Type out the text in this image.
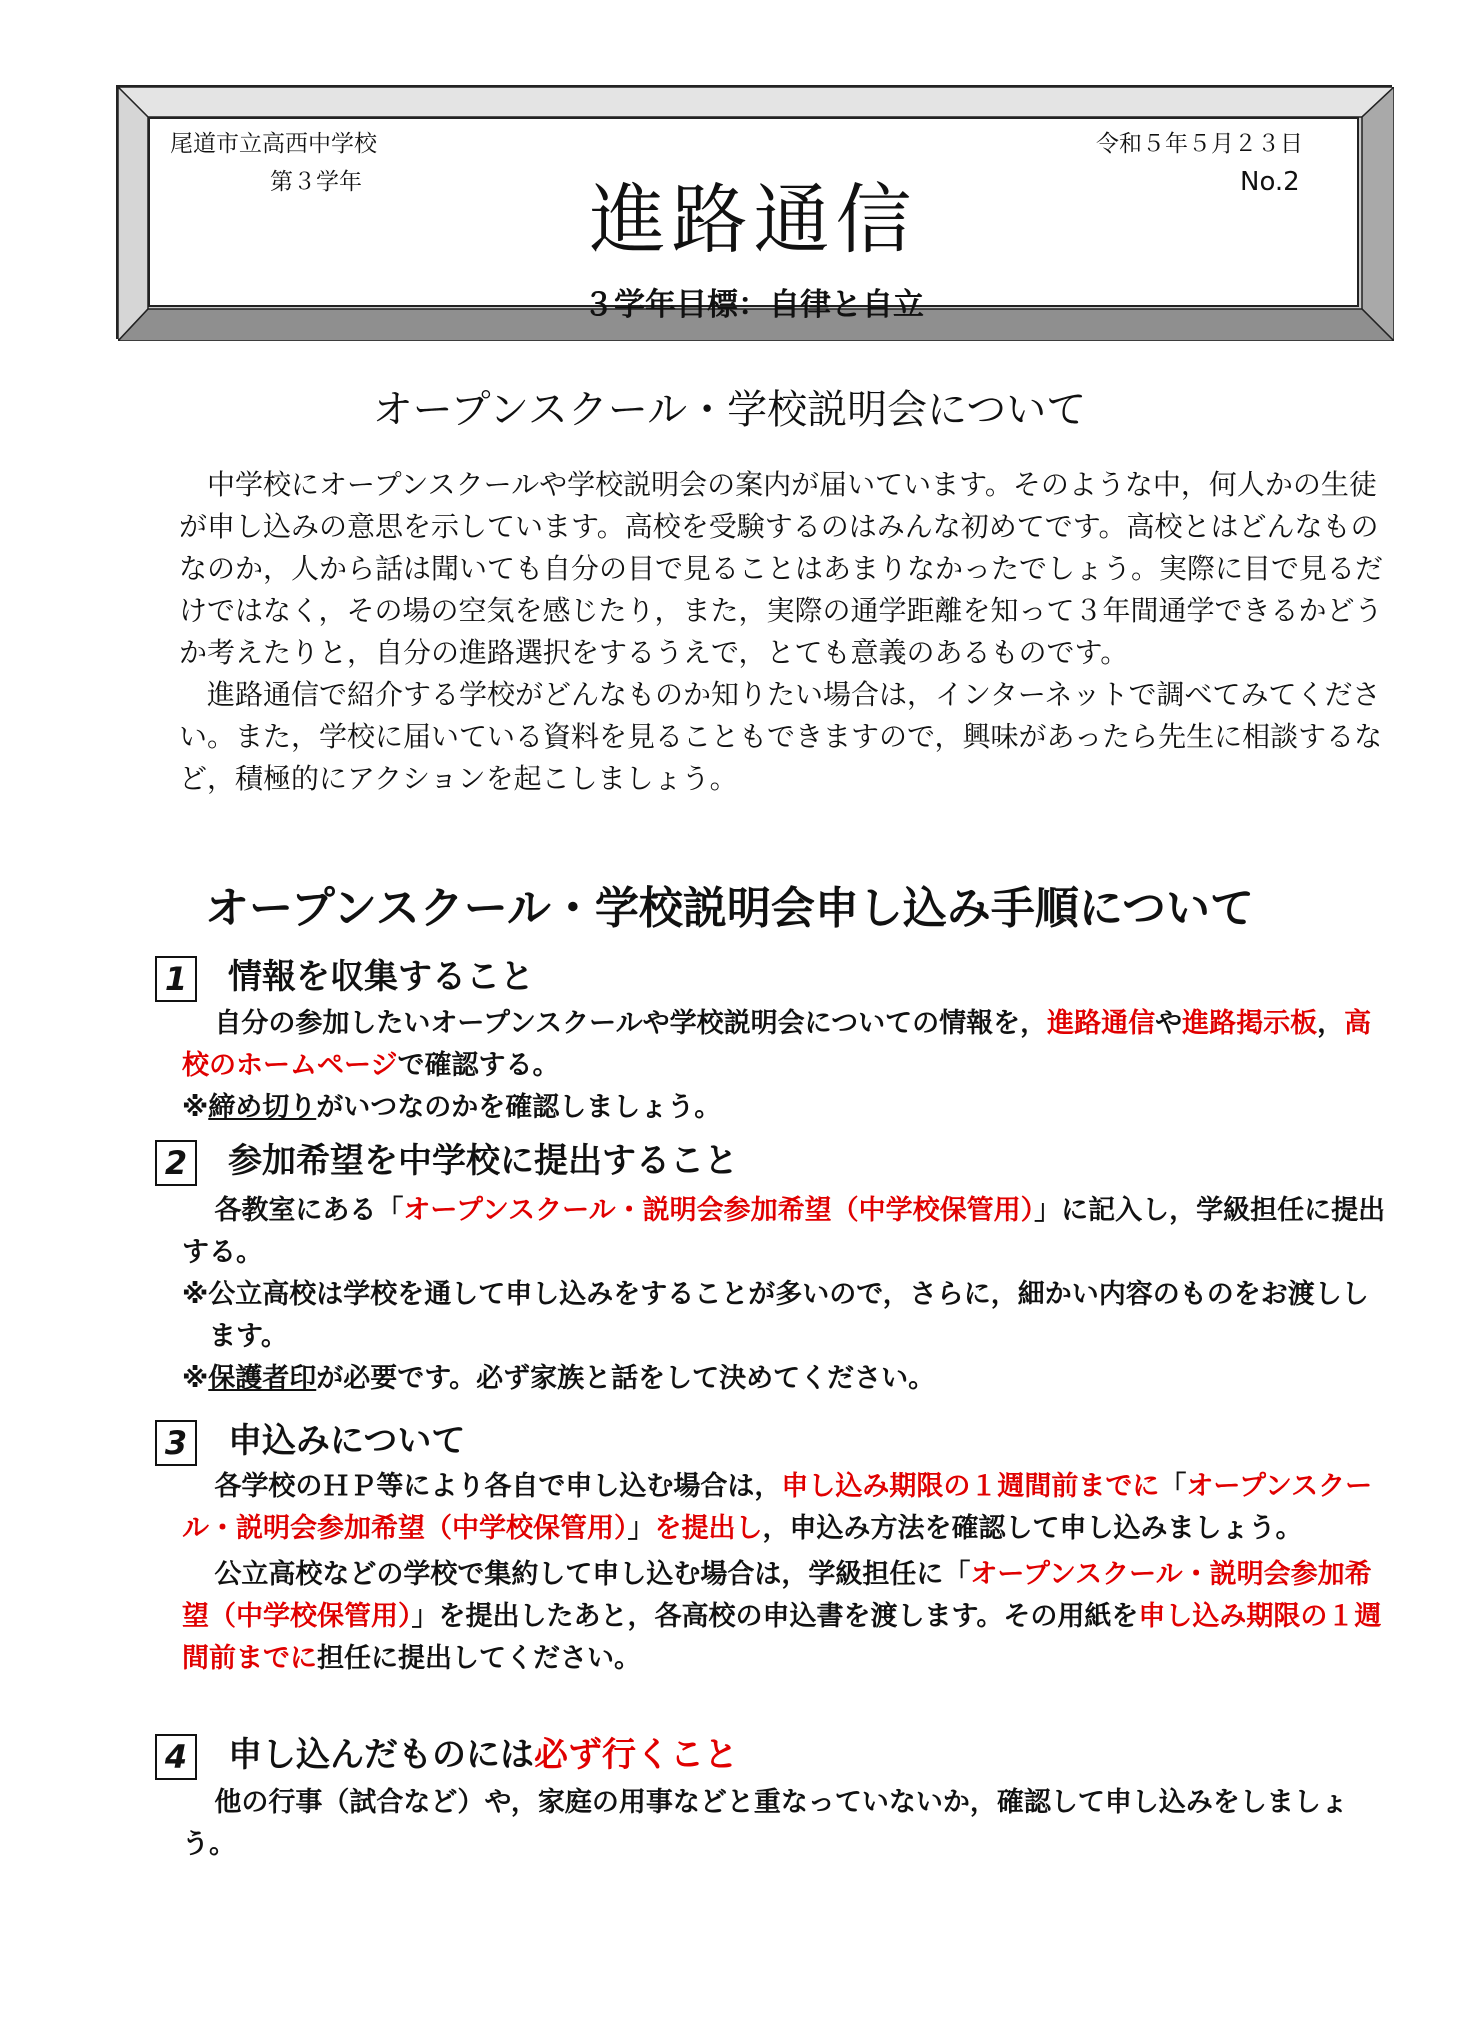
尾道市立高西中学校
第３学年
令和５年５月２３日
No.2
進路通信
３学年目標：自律と自立
オープンスクール・学校説明会について

中学校にオープンスクールや学校説明会の案内が届いています。そのような中，何人かの生徒が申し込みの意思を示しています。高校を受験するのはみんな初めてです。高校とはどんなものなのか，人から話は聞いても自分の目で見ることはあまりなかったでしょう。実際に目で見るだけではなく，その場の空気を感じたり，また，実際の通学距離を知って３年間通学できるかどうか考えたりと，自分の進路選択をするうえで，とても意義のあるものです。

進路通信で紹介する学校がどんなものか知りたい場合は，インターネットで調べてみてください。また，学校に届いている資料を見ることもできますので，興味があったら先生に相談するなど，積極的にアクションを起こしましょう。

オープンスクール・学校説明会申し込み手順について
1 情報を収集すること

自分の参加したいオープンスクールや学校説明会についての情報を，進路通信や進路掲示板，高校のホームページで確認する。

※締め切りがいつなのかを確認しましょう。

2 参加希望を中学校に提出すること

各教室にある「オープンスクール・説明会参加希望（中学校保管用）」に記入し，学級担任に提出する。

※公立高校は学校を通して申し込みをすることが多いので，さらに，細かい内容のものをお渡しします。

※保護者印が必要です。必ず家族と話をして決めてください。

3 申込みについて

各学校のＨＰ等により各自で申し込む場合は，申し込み期限の１週間前までに「オープンスクール・説明会参加希望（中学校保管用）」を提出し，申込み方法を確認して申し込みましょう。

公立高校などの学校で集約して申し込む場合は，学級担任に「オープンスクール・説明会参加希望（中学校保管用）」を提出したあと，各高校の申込書を渡します。その用紙を申し込み期限の１週間前までに担任に提出してください。

4 申し込んだものには必ず行くこと

他の行事（試合など）や，家庭の用事などと重なっていないか，確認して申し込みをしましょう。
